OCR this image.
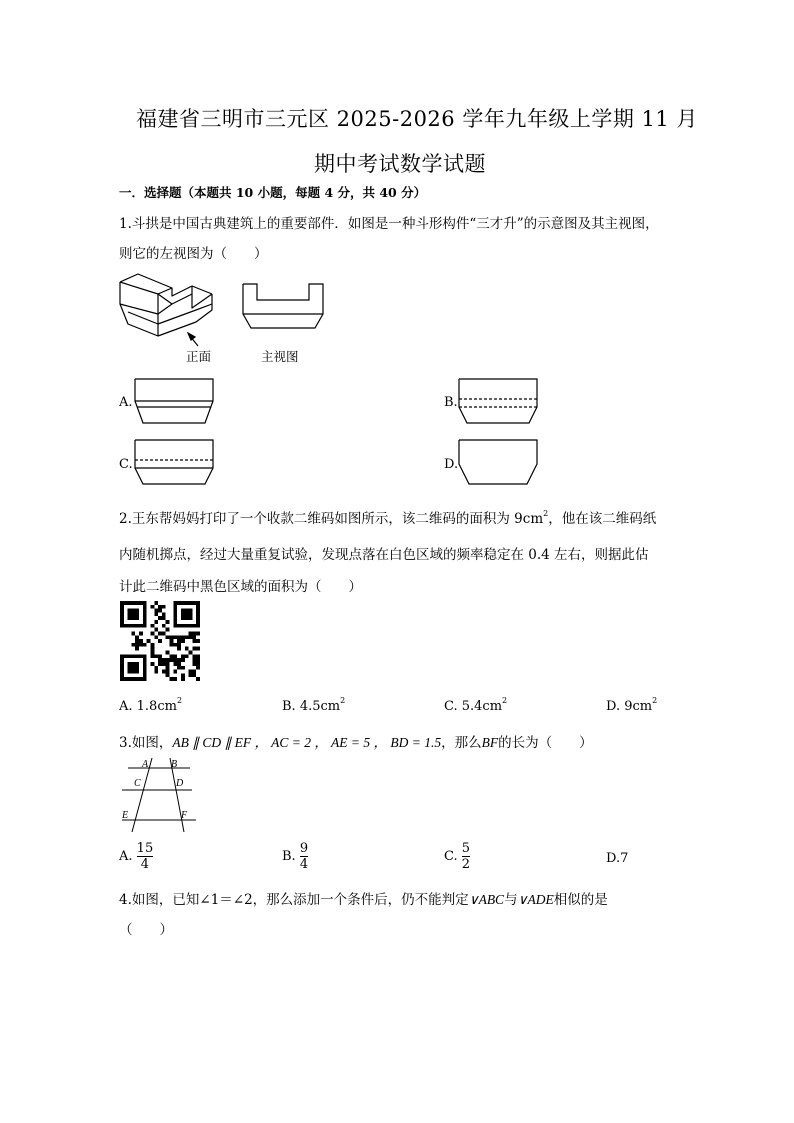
福建省三明市三元区 2025-2026 学年九年级上学期 11 月
期中考试数学试题
一．选择题（本题共 10 小题，每题 4 分，共 40 分）
1.斗拱是中国古典建筑上的重要部件．如图是一种斗形构件“三才升”的示意图及其主视图，
则它的左视图为（　　）
正面	主视图
A.	B.
C.	D.
2.王东帮妈妈打印了一个收款二维码如图所示，该二维码的面积为 $9cm^2$，他在该二维码纸
内随机掷点，经过大量重复试验，发现点落在白色区域的频率稳定在 0.4 左右，则据此估
计此二维码中黑色区域的面积为（　　）
A. $1.8cm^2$	B. $4.5cm^2$	C. $5.4cm^2$	D. $9cm^2$
3.如图，AB ∥ CD ∥ EF ， AC = 2 ， AE = 5 ， BD = 1.5，那么BF的长为（　　）
A B
C	D
E	F
A. $\frac{15}{4}$	B. $\frac{9}{4}$	C. $\frac{5}{2}$	D.7
4.如图，已知∠1＝∠2，那么添加一个条件后，仍不能判定∨ABC与∨ADE相似的是
（　　）
